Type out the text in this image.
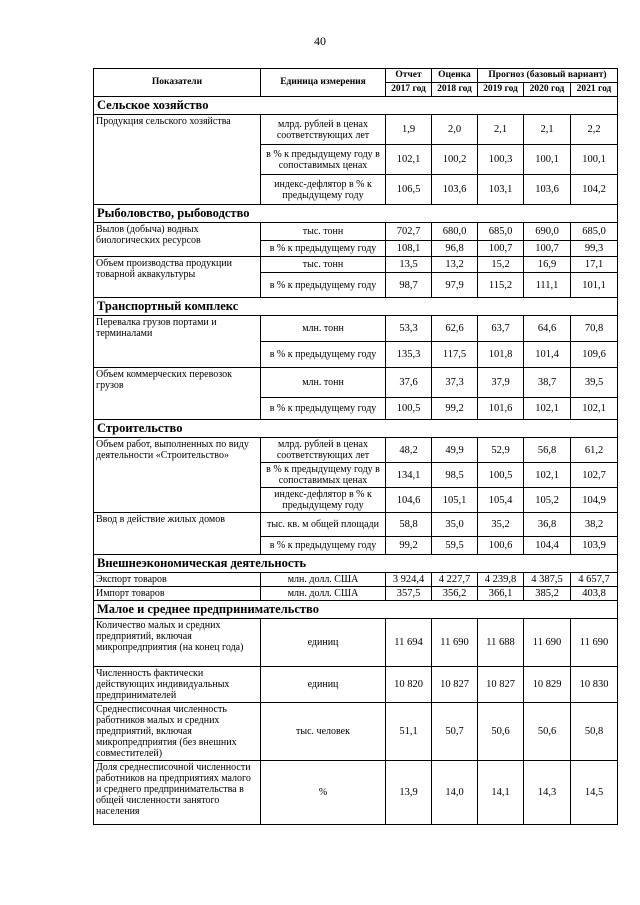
40
Показатели	Единица измерения	Отчет	Оценка	Прогноз (базовый вариант)		
		2017 год	2018 год	2019 год	2020 год	2021 год
Сельское хозяйство						
Продукция сельского хозяйства	млрд. рублей в ценах соответствующих лет	1,9	2,0	2,1	2,1	2,2
	в % к предыдущему году в сопоставимых ценах	102,1	100,2	100,3	100,1	100,1
	индекс-дефлятор в % к предыдущему году	106,5	103,6	103,1	103,6	104,2
Рыболовство, рыбоводство						
Вылов (добыча) водных биологических ресурсов	тыс. тонн	702,7	680,0	685,0	690,0	685,0
	в % к предыдущему году	108,1	96,8	100,7	100,7	99,3
Объем производства продукции товарной аквакультуры	тыс. тонн	13,5	13,2	15,2	16,9	17,1
	в % к предыдущему году	98,7	97,9	115,2	111,1	101,1
Транспортный комплекс						
Перевалка грузов портами и терминалами	млн. тонн	53,3	62,6	63,7	64,6	70,8
	в % к предыдущему году	135,3	117,5	101,8	101,4	109,6
Объем коммерческих перевозок грузов	млн. тонн	37,6	37,3	37,9	38,7	39,5
	в % к предыдущему году	100,5	99,2	101,6	102,1	102,1
Строительство						
Объем работ, выполненных по виду деятельности «Строительство»	млрд. рублей в ценах соответствующих лет	48,2	49,9	52,9	56,8	61,2
	в % к предыдущему году в сопоставимых ценах	134,1	98,5	100,5	102,1	102,7
	индекс-дефлятор в % к предыдущему году	104,6	105,1	105,4	105,2	104,9
Ввод в действие жилых домов	тыс. кв. м общей площади	58,8	35,0	35,2	36,8	38,2
	в % к предыдущему году	99,2	59,5	100,6	104,4	103,9
Внешнеэкономическая деятельность						
Экспорт товаров	млн. долл. США	3 924,4	4 227,7	4 239,8	4 387,5	4 657,7
Импорт товаров	млн. долл. США	357,5	356,2	366,1	385,2	403,8
Малое и среднее предпринимательство						
Количество малых и средних предприятий, включая микропредприятия (на конец года)	единиц	11 694	11 690	11 688	11 690	11 690
Численность фактически действующих индивидуальных предпринимателей	единиц	10 820	10 827	10 827	10 829	10 830
Среднесписочная численность работников малых и средних предприятий, включая микропредприятия (без внешних совместителей)	тыс. человек	51,1	50,7	50,6	50,6	50,8
Доля среднесписочной численности работников на предприятиях малого и среднего предпринимательства в общей численности занятого населения	%	13,9	14,0	14,1	14,3	14,5
